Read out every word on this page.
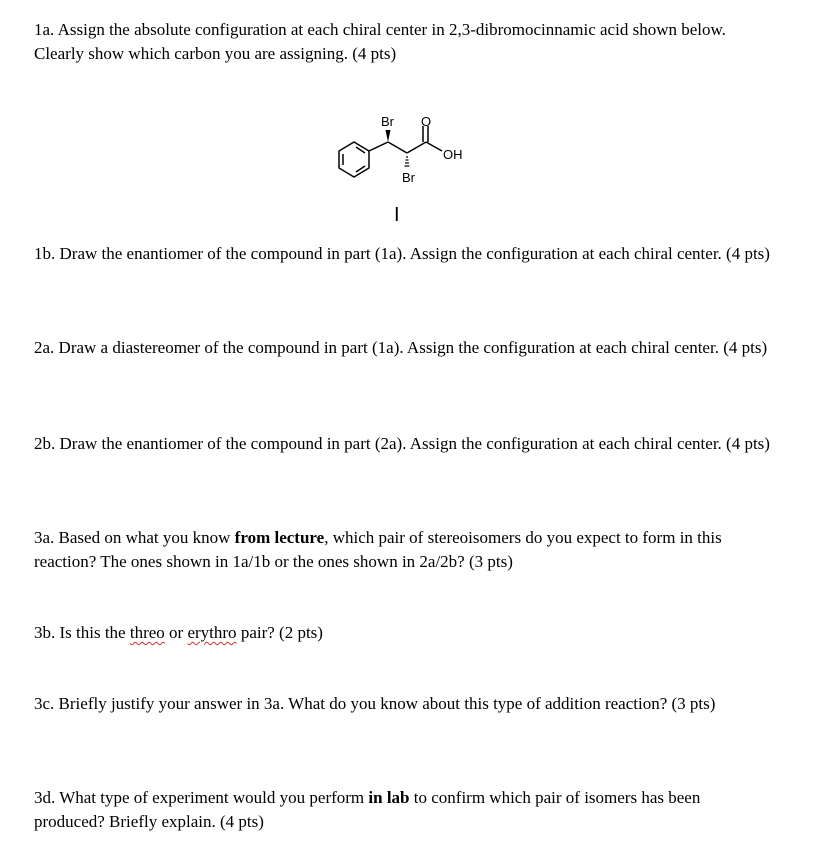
1a. Assign the absolute configuration at each chiral center in 2,3-dibromocinnamic acid shown below. Clearly show which carbon you are assigning. (4 pts)
Br O
OH
Br
I
1b. Draw the enantiomer of the compound in part (1a). Assign the configuration at each chiral center. (4 pts)
2a. Draw a diastereomer of the compound in part (1a). Assign the configuration at each chiral center. (4 pts)
2b. Draw the enantiomer of the compound in part (2a). Assign the configuration at each chiral center. (4 pts)
3a. Based on what you know from lecture, which pair of stereoisomers do you expect to form in this reaction? The ones shown in 1a/1b or the ones shown in 2a/2b? (3 pts)
3b. Is this the threo or erythro pair? (2 pts)
3c. Briefly justify your answer in 3a. What do you know about this type of addition reaction? (3 pts)
3d. What type of experiment would you perform in lab to confirm which pair of isomers has been produced? Briefly explain. (4 pts)
